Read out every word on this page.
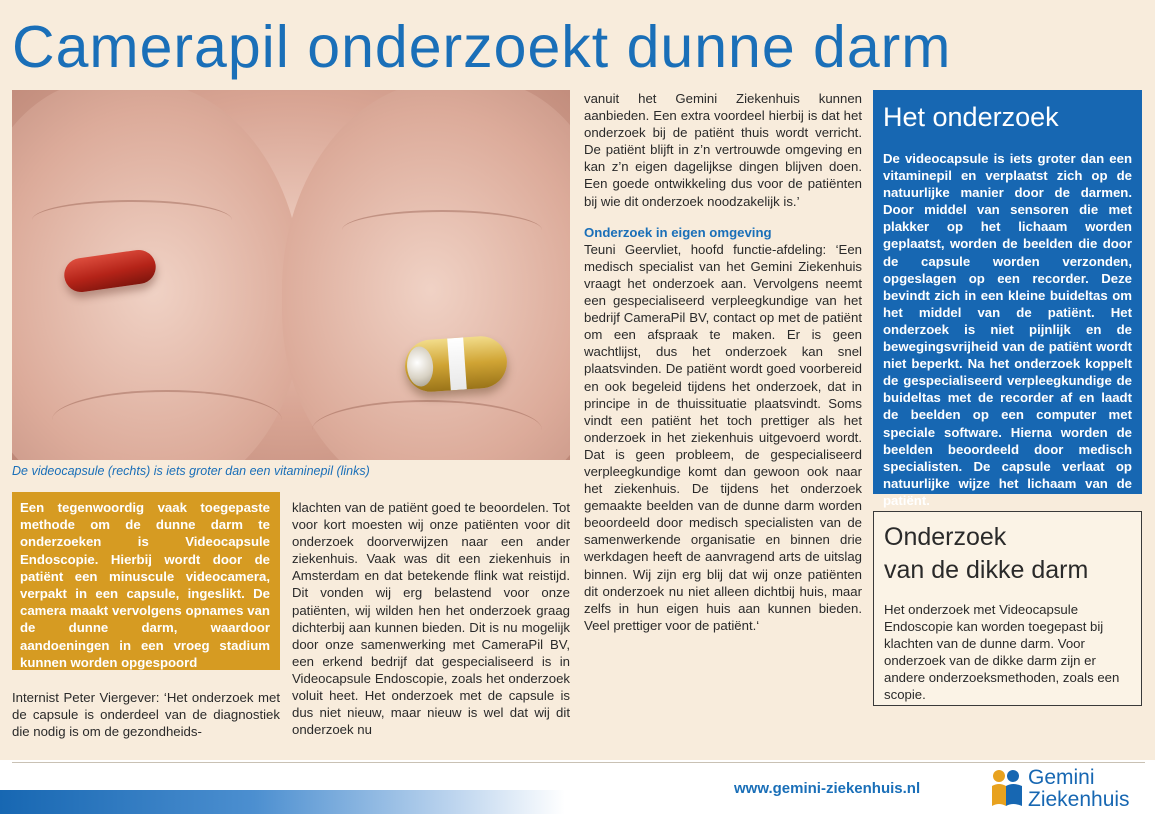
Camerapil onderzoekt dunne darm
De videocapsule (rechts) is iets groter dan een vitaminepil (links)
Een tegenwoordig vaak toegepaste methode om de dunne darm te onderzoeken is Videocapsule Endoscopie. Hierbij wordt door de patiënt een minuscule videocamera, verpakt in een capsule, ingeslikt. De camera maakt vervolgens opnames van de dunne darm, waardoor aandoeningen in een vroeg stadium kunnen worden opgespoord

Internist Peter Viergever: ‘Het onderzoek met de capsule is onderdeel van de diagnostiek die nodig is om de gezondheids-

klachten van de patiënt goed te beoordelen. Tot voor kort moesten wij onze patiënten voor dit onderzoek doorverwijzen naar een ander ziekenhuis. Vaak was dit een ziekenhuis in Amsterdam en dat betekende flink wat reistijd. Dit vonden wij erg belastend voor onze patiënten, wij wilden hen het onderzoek graag dichterbij aan kunnen bieden. Dit is nu mogelijk door onze samenwerking met CameraPil BV, een erkend bedrijf dat gespecialiseerd is in Videocapsule Endoscopie, zoals het onderzoek voluit heet. Het onderzoek met de capsule is dus niet nieuw, maar nieuw is wel dat wij dit onderzoek nu

vanuit het Gemini Ziekenhuis kunnen aanbieden. Een extra voordeel hierbij is dat het onderzoek bij de patiënt thuis wordt verricht. De patiënt blijft in z’n vertrouwde omgeving en kan z’n eigen dagelijkse dingen blijven doen. Een goede ontwikkeling dus voor de patiënten bij wie dit onderzoek noodzakelijk is.’

Onderzoek in eigen omgeving

Teuni Geervliet, hoofd functie-afdeling: ‘Een medisch specialist van het Gemini Ziekenhuis vraagt het onderzoek aan. Vervolgens neemt een gespecialiseerd verpleegkundige van het bedrijf CameraPil BV, contact op met de patiënt om een afspraak te maken. Er is geen wachtlijst, dus het onderzoek kan snel plaatsvinden. De patiënt wordt goed voorbereid en ook begeleid tijdens het onderzoek, dat in principe in de thuissituatie plaatsvindt. Soms vindt een patiënt het toch prettiger als het onderzoek in het ziekenhuis uitgevoerd wordt. Dat is geen probleem, de gespecialiseerd verpleegkundige komt dan gewoon ook naar het ziekenhuis. De tijdens het onderzoek gemaakte beelden van de dunne darm worden beoordeeld door medisch specialisten van de samenwerkende organisatie en binnen drie werkdagen heeft de aanvragend arts de uitslag binnen. Wij zijn erg blij dat wij onze patiënten dit onderzoek nu niet alleen dichtbij huis, maar zelfs in hun eigen huis aan kunnen bieden. Veel prettiger voor de patiënt.‘

Het onderzoek
De videocapsule is iets groter dan een vitaminepil en verplaatst zich op de natuurlijke manier door de darmen. Door middel van sensoren die met plakker op het lichaam worden geplaatst, worden de beelden die door de capsule worden verzonden, opgeslagen op een recorder. Deze bevindt zich in een kleine buideltas om het middel van de patiënt. Het onderzoek is niet pijnlijk en de bewegingsvrijheid van de patiënt wordt niet beperkt. Na het onderzoek koppelt de gespecialiseerd verpleegkundige de buideltas met de recorder af en laadt de beelden op een computer met speciale software. Hierna worden de beelden beoordeeld door medisch specialisten. De capsule verlaat op natuurlijke wijze het lichaam van de patiënt.
Onderzoek
van de dikke darm
Het onderzoek met Videocapsule Endoscopie kan worden toegepast bij klachten van de dunne darm. Voor onderzoek van de dikke darm zijn er andere onderzoeksmethoden, zoals een scopie.
www.gemini-ziekenhuis.nl	Gemini
Ziekenhuis
